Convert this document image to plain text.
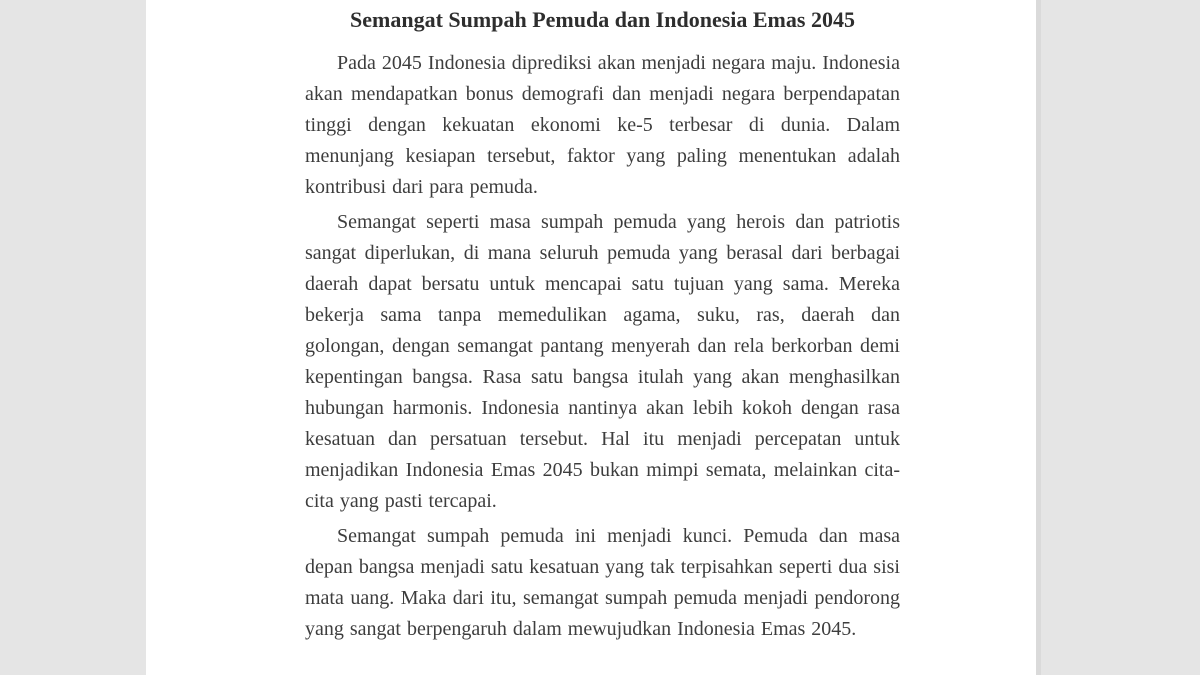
Semangat Sumpah Pemuda dan Indonesia Emas 2045

Pada 2045 Indonesia diprediksi akan menjadi negara maju. Indonesia akan mendapatkan bonus demografi dan menjadi negara berpendapatan tinggi dengan kekuatan ekonomi ke-5 terbesar di dunia. Dalam menunjang kesiapan tersebut, faktor yang paling menentukan adalah kontribusi dari para pemuda.

Semangat seperti masa sumpah pemuda yang herois dan patriotis sangat diperlukan, di mana seluruh pemuda yang berasal dari berbagai daerah dapat bersatu untuk mencapai satu tujuan yang sama. Mereka bekerja sama tanpa memedulikan agama, suku, ras, daerah dan golongan, dengan semangat pantang menyerah dan rela berkorban demi kepentingan bangsa. Rasa satu bangsa itulah yang akan menghasilkan hubungan harmonis. Indonesia nantinya akan lebih kokoh dengan rasa kesatuan dan persatuan tersebut. Hal itu menjadi percepatan untuk menjadikan Indonesia Emas 2045 bukan mimpi semata, melainkan cita-cita yang pasti tercapai.

Semangat sumpah pemuda ini menjadi kunci. Pemuda dan masa depan bangsa menjadi satu kesatuan yang tak terpisahkan seperti dua sisi mata uang. Maka dari itu, semangat sumpah pemuda menjadi pendorong yang sangat berpengaruh dalam mewujudkan Indonesia Emas 2045.
